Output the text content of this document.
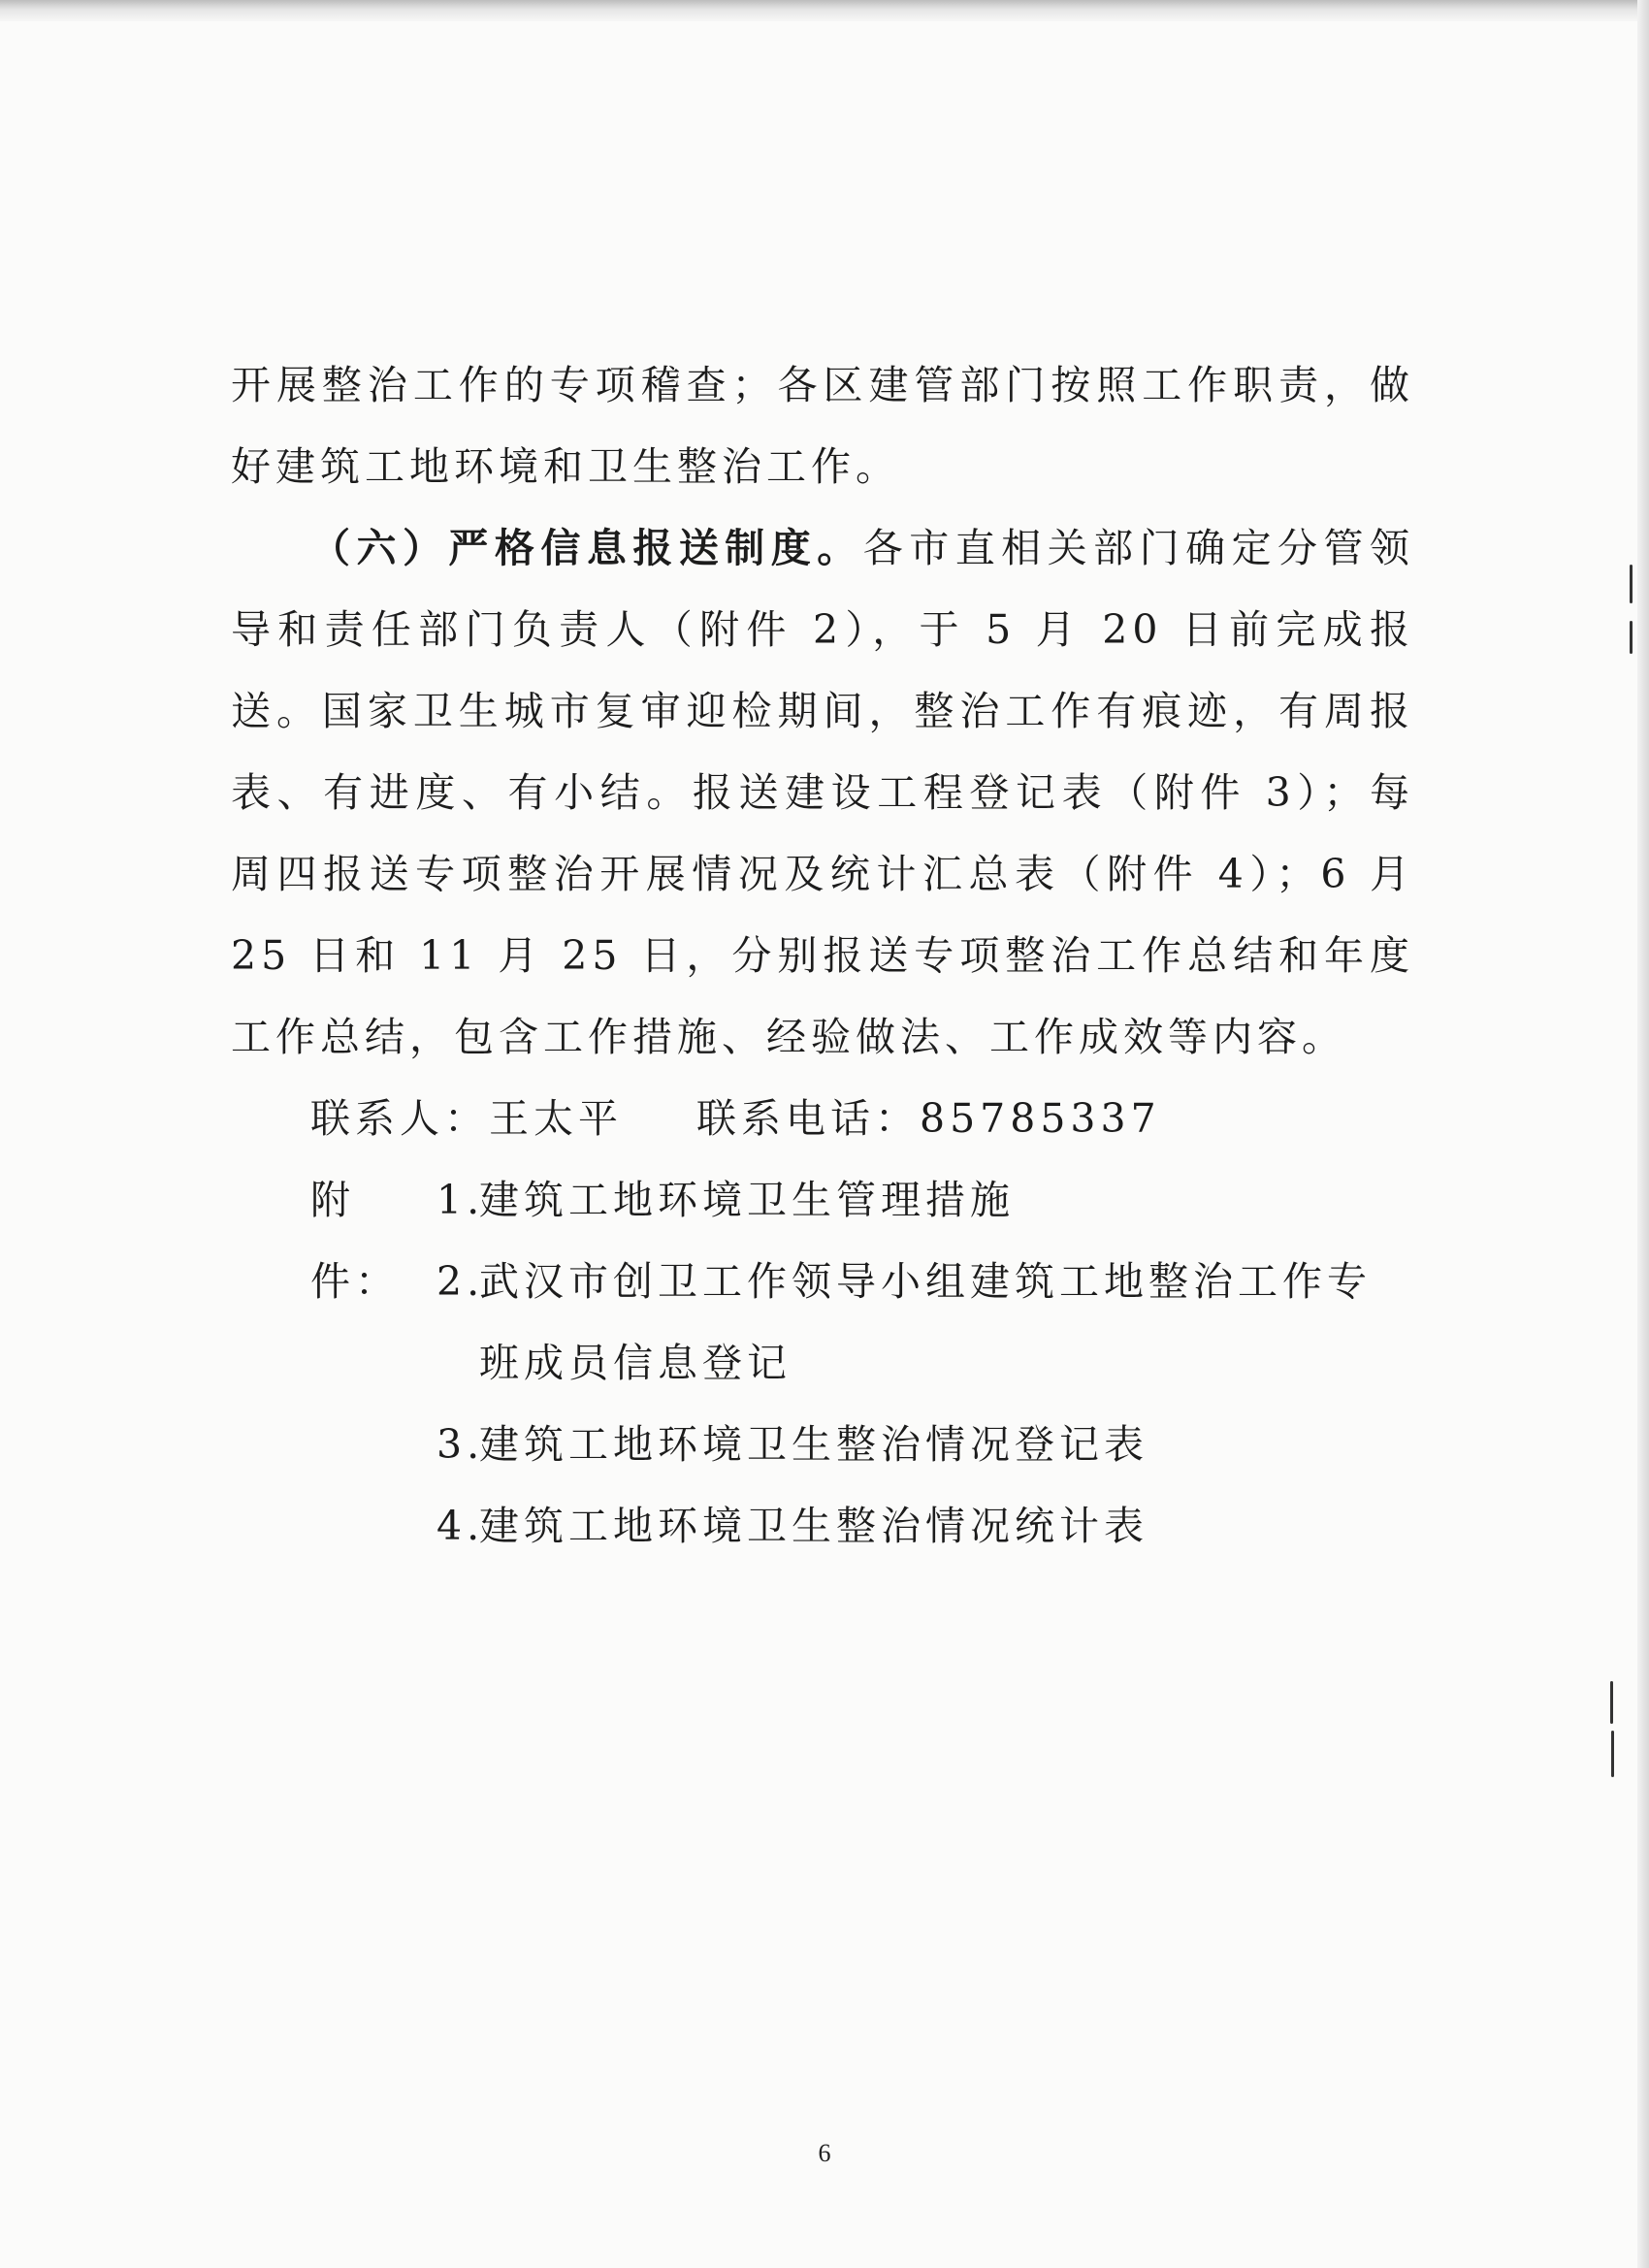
开展整治工作的专项稽查；各区建管部门按照工作职责，做好建筑工地环境和卫生整治工作。

（六）严格信息报送制度。各市直相关部门确定分管领导和责任部门负责人（附件 2），于 5 月 20 日前完成报送。国家卫生城市复审迎检期间，整治工作有痕迹，有周报表、有进度、有小结。报送建设工程登记表（附件 3）；每周四报送专项整治开展情况及统计汇总表（附件 4）；6 月 25 日和 11 月 25 日，分别报送专项整治工作总结和年度工作总结，包含工作措施、经验做法、工作成效等内容。

联系人：王太平 联系电话：85785337

附件：
1.
建筑工地环境卫生管理措施
2.
武汉市创卫工作领导小组建筑工地整治工作专班成员信息登记
3.
建筑工地环境卫生整治情况登记表
4.
建筑工地环境卫生整治情况统计表
6
